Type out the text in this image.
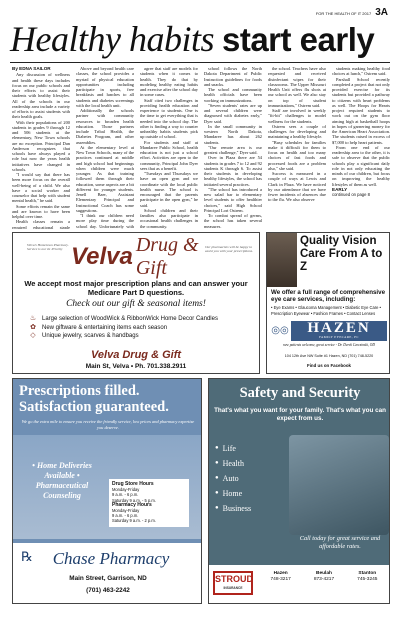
FOR THE HEALTH OF IT 2017 3A
Healthy habits start early
By EDNA SAILOR

Any discussion of wellness and health these days includes focus on our public schools and their efforts to assist their students with healthy lifestyles. All of the schools in our readership area include a variety of efforts to assist students with their health goals.

With their populations of 200 students in grades 9 through 12 and 506 students at the elementary, New Town schools are no exception. Principal Dan Anderson recognizes that schools have always played a role but now the years health initiatives have changed in schools.

"I would say that there has been more focus on the overall well-being of a child. We also have a social worker and counselor that help with student mental health," he said.

Some efforts remain the same and are known to have been helpful over time.

Health classes remain a required educational staple

Above and beyond health care classes, the school provides a myriad of physical education opportunities including participate in sports, free breakfasts and lunches to all students and diabetes screenings with the local health unit.

Additionally the schools partner with community resources to broaden health education. Those partners include Tribal Health, the Diabetes Program, and other assemblies.

At the elementary level at New Town Schools, many of the practices continued at middle and high school had beginnings when children were much younger. As that training followed them through their education, some aspects are a bit different for younger students. Jenell Baer, Assistant Elementary Principal and Instructional Coach has some suggestions.

"I think our children need more play time during the school day. Unfortunately with

agree that staff are models for students when it comes to health. They do that by modeling healthy eating habits and exercise after the school day in some cases.

Staff cited two challenges in providing health education and experience to students. One is the time to get everything that is needed into the school day. The other is finding a way to counter unhealthy habits students pick up outside of school.

For students and staff at Mandaree Public School, health education is not just a school effort. Activities are open to the community, Principal John Dyer sees that as a benefit.

"Tuesdays and Thursdays we have an open gym and we coordinate with the local public health nurse. The school is encouraged that the parents participate in the open gym," he said.

School children and their families also participate in occasional health challenges in the community.

school follows the North Dakota Department of Public Instruction guidelines for foods and snacks.

The school and community health officials have been working on immunizations.

"Seven students' rates are up and several children were diagnosed with diabetes early," Dyer said.

In the small community in western North Dakota, Mandaree has about 262 students.

"Our remote area is our greatest challenge," Dyer said.

Over in Plaza there are 54 students in grades 7 to 12 and 92 students K through 6. To assist their students in developing healthy lifestyles, the school has initiated several practices.

"The school has introduced a new salad bar to elementary level students to offer healthier choices," said High School Principal Lori Ostrem.

To combat spread of germs, the school has taken several measures.

the school. Teachers have also requested and received disinfectant wipes for their classrooms. The Upper Missouri Health Unit offers flu shots at our school as well. We also stay on top of student immunizations," Ostrem said.

Staff are involved in weekly "fit-bit" challenges to model wellness for the students.

Ostrem sees a couple of challenges for developing and maintaining a healthy lifestyle.

"Busy schedules for families make it difficult for them to focus on health and too many choices of fast foods and processed foods are a problem also," she said.

Success is measured in a couple of ways at Lewis and Clark in Plaza. We have noticed by our attendance that we have fewer incidents of absences due to the flu. We also observe

students making healthy food choices at lunch," Ostrem said.

Parshall School recently completed a project that not only provided exercise for its students but provided a pathway to citizens with heart problems as well. The Hoops for Hearts project required students to work out on the gym floor aiming high at basketball hoops in hopes of garnering money for the American Heart Association. The students raised in excess of $7,000 to help heart patients.

From one end of our readership area to the other, it is safe to observe that the public schools play a significant daily role in not only educating the minds of our children, but focus on improving the healthy lifestyles of them as well.

EARLY
continued on page 8
Velva's Hometown Pharmacy. Service is our #1 Priority Velva Drug & Gift
Our pharmacists will be happy to assist you with your prescriptions.
We accept most major prescription plans and can answer your Medicare Part D questions.
Check out our gift & seasonal items!
♨ Large selection of WoodWick & RibbonWick Home Decor Candles
✿ New giftware & entertaining items each season
◇ Unique jewelry, scarves & handbags
Velva Drug & Gift
Main St, Velva • Ph. 701.338.2911
Quality Vision Care From A to Z
We offer a full range of comprehensive eye care services, including:
• Eye Exams • Glaucoma Management • Diabetic Eye Care • Prescription Eyewear • Fashion Frames • Contact Lenses
◎◎	HAZEN
FAMILY EYECARE, PC
new patients welcome, great service - Dr. Derek Czeczinski, OD
104 12th Ave NW Suite #1 Hazen, ND (701) 748-5220
Find us on Facebook
Prescriptions filled. Satisfaction guaranteed.
We go the extra mile to ensure you receive the friendly service, low prices and pharmacy expertise you deserve.
• Home Deliveries Available • Pharmaceutical Counseling
Drug Store Hours
Monday-Friday
9 a.m. - 6 p.m.
Saturday 9 a.m. - 5 p.m.
Pharmacy Hours
Monday-Friday
9 a.m. - 6 p.m.
Saturday 9 a.m. - 2 p.m.
℞	Chase Pharmacy
Main Street, Garrison, ND
(701) 463-2242
Safety and Security
That's what you want for your family. That's what you can expect from us.
● Life
● Health
● Auto
● Home
● Business
Call today for great service and affordable rates.
STROUD
INSURANCE
Hazen
748-3217
Beulah
873-4217
Stanton
745-3245
